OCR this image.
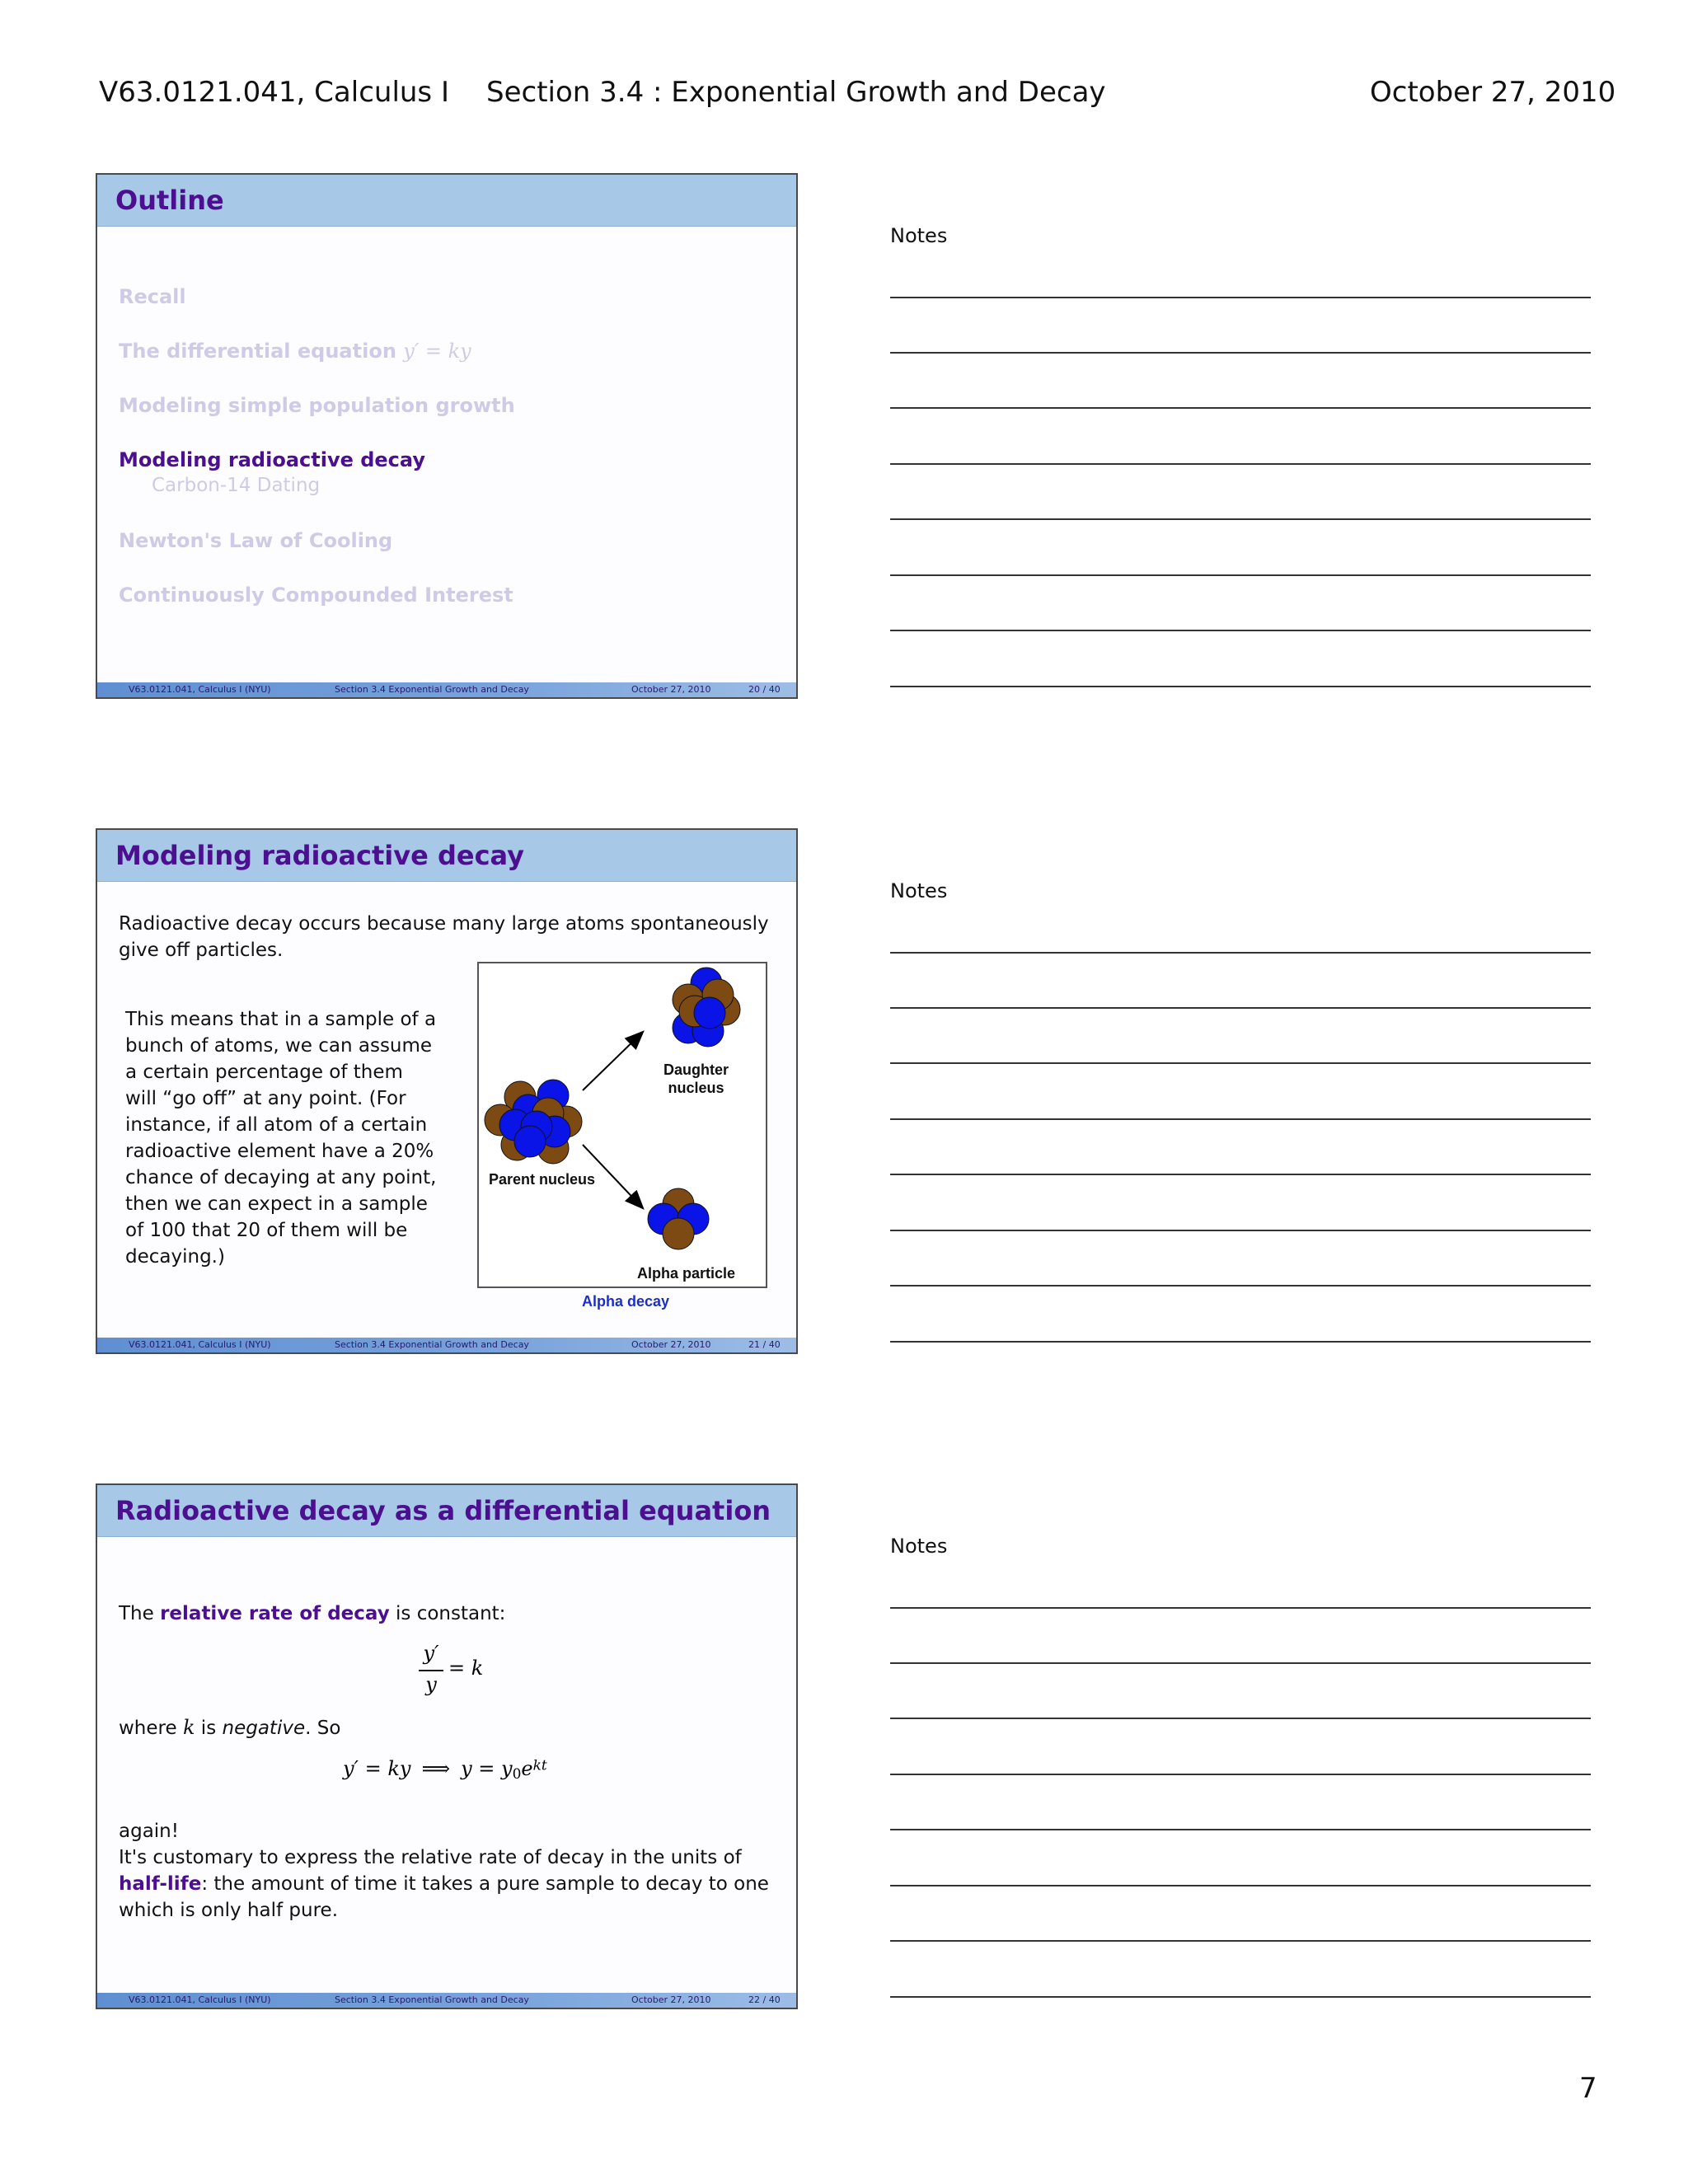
V63.0121.041, Calculus I Section 3.4 : Exponential Growth and Decay	October 27, 2010
Outline
Recall
The differential equation y′ = ky
Modeling simple population growth
Modeling radioactive decay
Carbon-14 Dating
Newton's Law of Cooling
Continuously Compounded Interest
V63.0121.041, Calculus I (NYU)	Section 3.4 Exponential Growth and Decay	October 27, 2010	20 / 40
Modeling radioactive decay
Radioactive decay occurs because many large atoms spontaneously give off particles.
This means that in a sample of a bunch of atoms, we can assume a certain percentage of them will “go off” at any point. (For instance, if all atom of a certain radioactive element have a 20% chance of decaying at any point, then we can expect in a sample of 100 that 20 of them will be decaying.)
Daughter
nucleus
Parent nucleus
Alpha particle
Alpha decay
V63.0121.041, Calculus I (NYU)	Section 3.4 Exponential Growth and Decay	October 27, 2010	21 / 40
Radioactive decay as a differential equation
The relative rate of decay is constant:
y′
y
= k
where k is negative. So
y′ = ky ⟹ $y = y_0e^{kt}$
again!
It's customary to express the relative rate of decay in the units of half-life: the amount of time it takes a pure sample to decay to one which is only half pure.
V63.0121.041, Calculus I (NYU)	Section 3.4 Exponential Growth and Decay	October 27, 2010	22 / 40
Notes
Notes
Notes
7
